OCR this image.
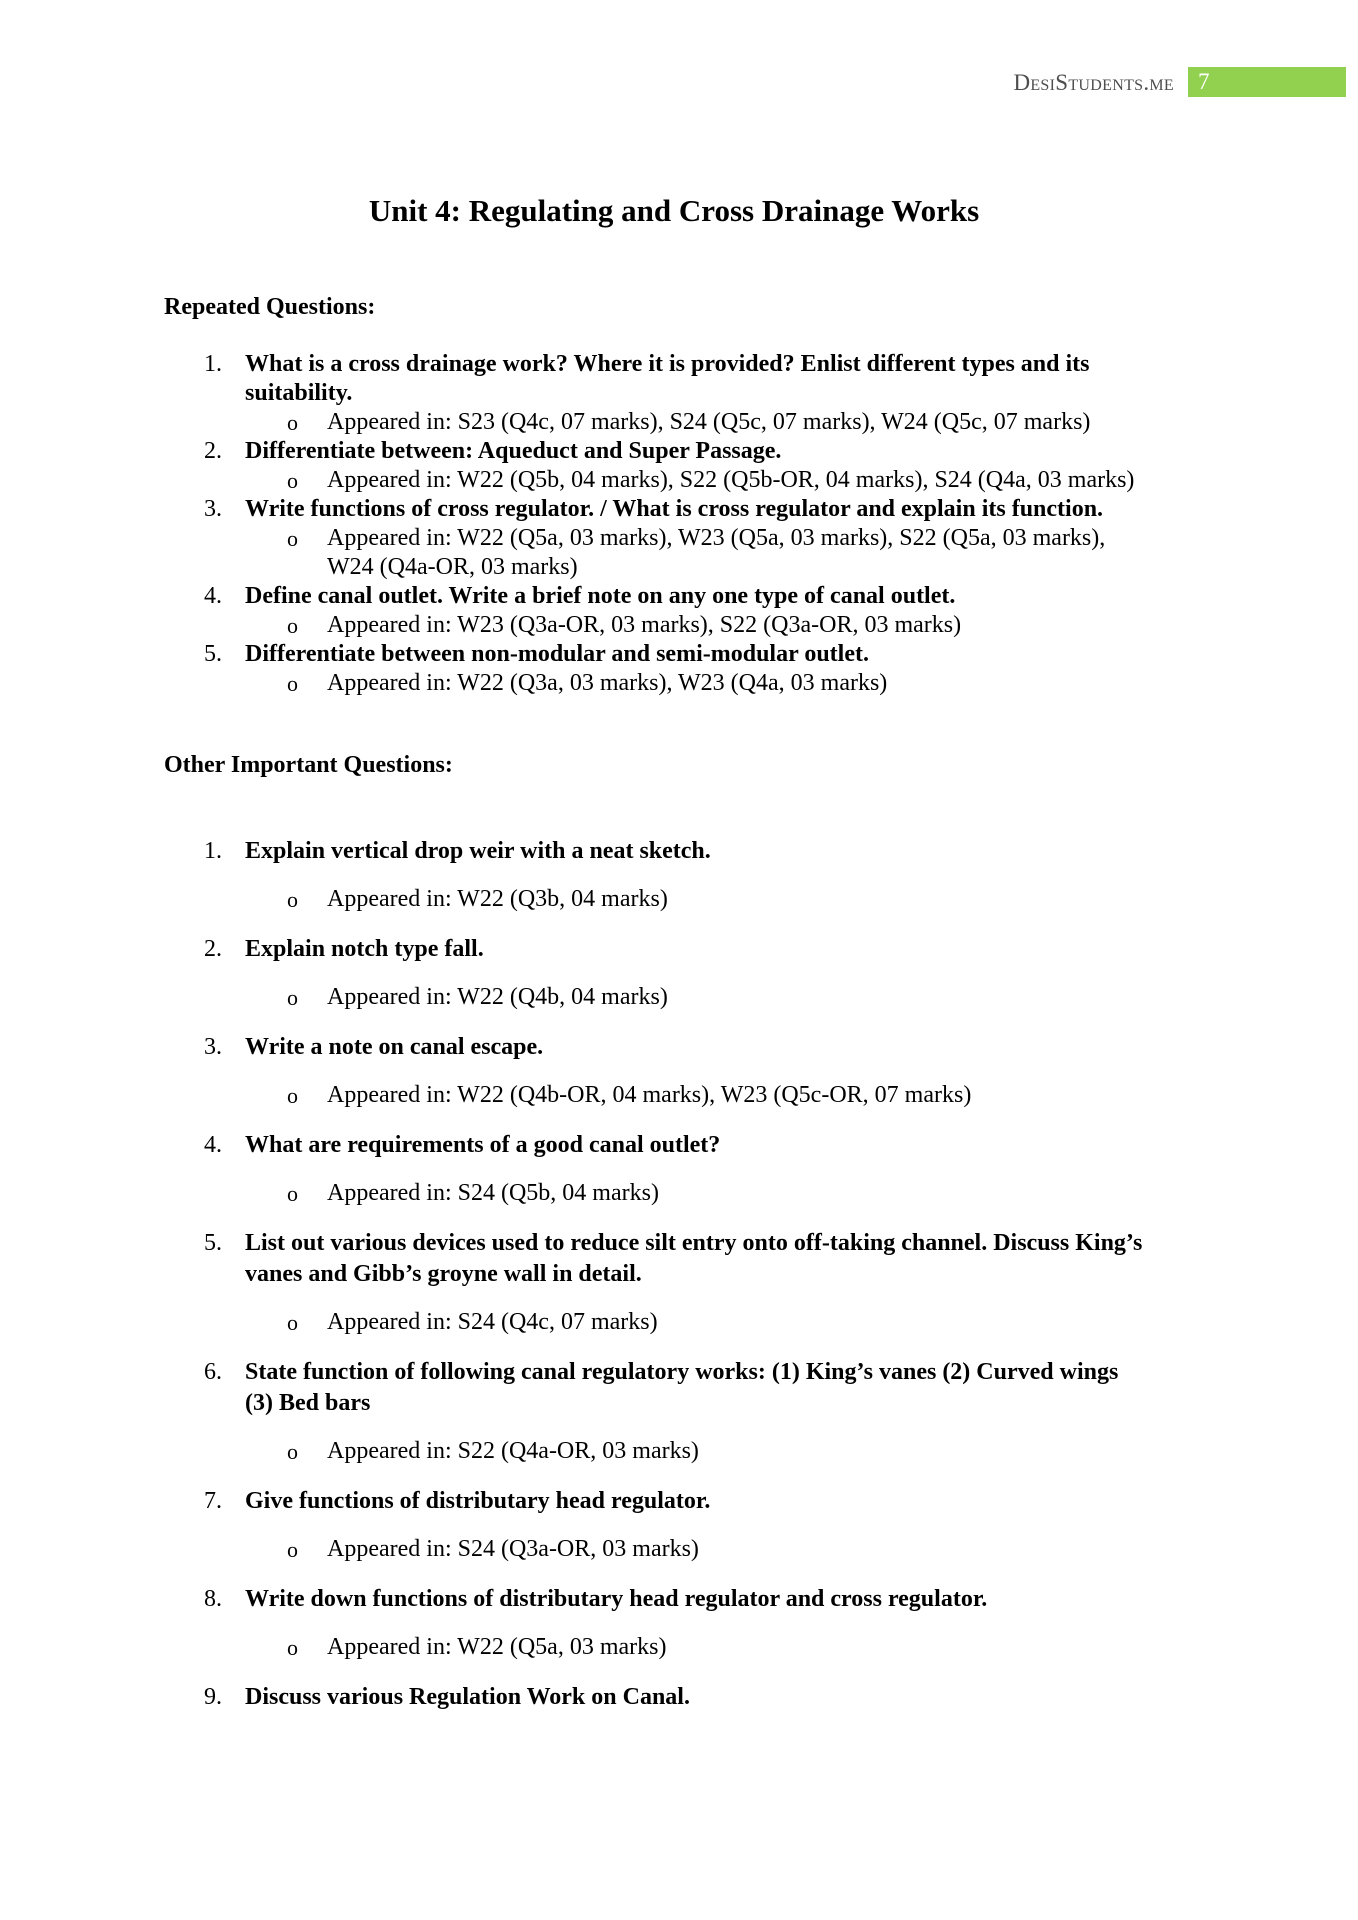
DesiStudents.me	7
Unit 4: Regulating and Cross Drainage Works
Repeated Questions:
1. What is a cross drainage work? Where it is provided? Enlist different types and its
suitability.
o Appeared in: S23 (Q4c, 07 marks), S24 (Q5c, 07 marks), W24 (Q5c, 07 marks)
2. Differentiate between: Aqueduct and Super Passage.
o Appeared in: W22 (Q5b, 04 marks), S22 (Q5b-OR, 04 marks), S24 (Q4a, 03 marks)
3. Write functions of cross regulator. / What is cross regulator and explain its function.
o Appeared in: W22 (Q5a, 03 marks), W23 (Q5a, 03 marks), S22 (Q5a, 03 marks),
W24 (Q4a-OR, 03 marks)
4. Define canal outlet. Write a brief note on any one type of canal outlet.
o Appeared in: W23 (Q3a-OR, 03 marks), S22 (Q3a-OR, 03 marks)
5. Differentiate between non-modular and semi-modular outlet.
o Appeared in: W22 (Q3a, 03 marks), W23 (Q4a, 03 marks)
Other Important Questions:
1. Explain vertical drop weir with a neat sketch.
o Appeared in: W22 (Q3b, 04 marks)
2. Explain notch type fall.
o Appeared in: W22 (Q4b, 04 marks)
3. Write a note on canal escape.
o Appeared in: W22 (Q4b-OR, 04 marks), W23 (Q5c-OR, 07 marks)
4. What are requirements of a good canal outlet?
o Appeared in: S24 (Q5b, 04 marks)
5. List out various devices used to reduce silt entry onto off-taking channel. Discuss King’s
vanes and Gibb’s groyne wall in detail.
o Appeared in: S24 (Q4c, 07 marks)
6. State function of following canal regulatory works: (1) King’s vanes (2) Curved wings
(3) Bed bars
o Appeared in: S22 (Q4a-OR, 03 marks)
7. Give functions of distributary head regulator.
o Appeared in: S24 (Q3a-OR, 03 marks)
8. Write down functions of distributary head regulator and cross regulator.
o Appeared in: W22 (Q5a, 03 marks)
9. Discuss various Regulation Work on Canal.
